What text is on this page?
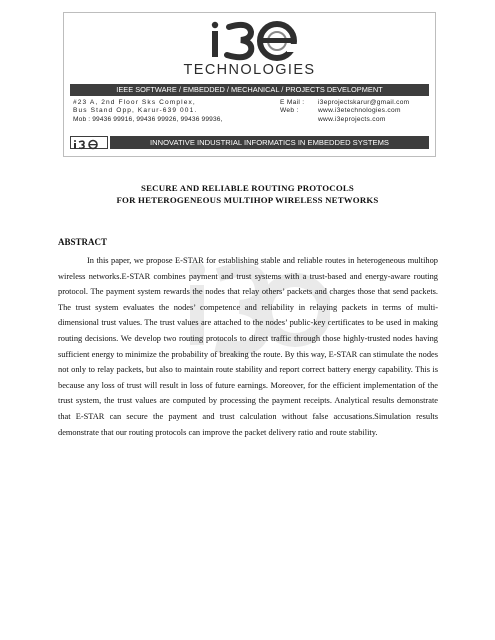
TECHNOLOGIES
IEEE SOFTWARE / EMBEDDED / MECHANICAL / PROJECTS DEVELOPMENT
#23 A, 2nd Floor Sks Complex,
Bus Stand Opp, Karur-639 001.
Mob : 99436 99916, 99436 99926, 99436 99936,
E Mail : i3eprojectskarur@gmail.com
Web :	www.i3etechnologies.com
www.i3eprojects.com
INNOVATIVE INDUSTRIAL INFORMATICS IN EMBEDDED SYSTEMS
SECURE AND RELIABLE ROUTING PROTOCOLS
FOR HETEROGENEOUS MULTIHOP WIRELESS NETWORKS
ABSTRACT

In this paper, we propose E-STAR for establishing stable and reliable routes in heterogeneous multihop wireless networks.E-STAR combines payment and trust systems with a trust-based and energy-aware routing protocol. The payment system rewards the nodes that relay others’ packets and charges those that send packets. The trust system evaluates the nodes’ competence and reliability in relaying packets in terms of multi-dimensional trust values. The trust values are attached to the nodes’ public-key certificates to be used in making routing decisions. We develop two routing protocols to direct traffic through those highly-trusted nodes having sufficient energy to minimize the probability of breaking the route. By this way, E-STAR can stimulate the nodes not only to relay packets, but also to maintain route stability and report correct battery energy capability. This is because any loss of trust will result in loss of future earnings. Moreover, for the efficient implementation of the trust system, the trust values are computed by processing the payment receipts. Analytical results demonstrate that E-STAR can secure the payment and trust calculation without false accusations.Simulation results demonstrate that our routing protocols can improve the packet delivery ratio and route stability.
